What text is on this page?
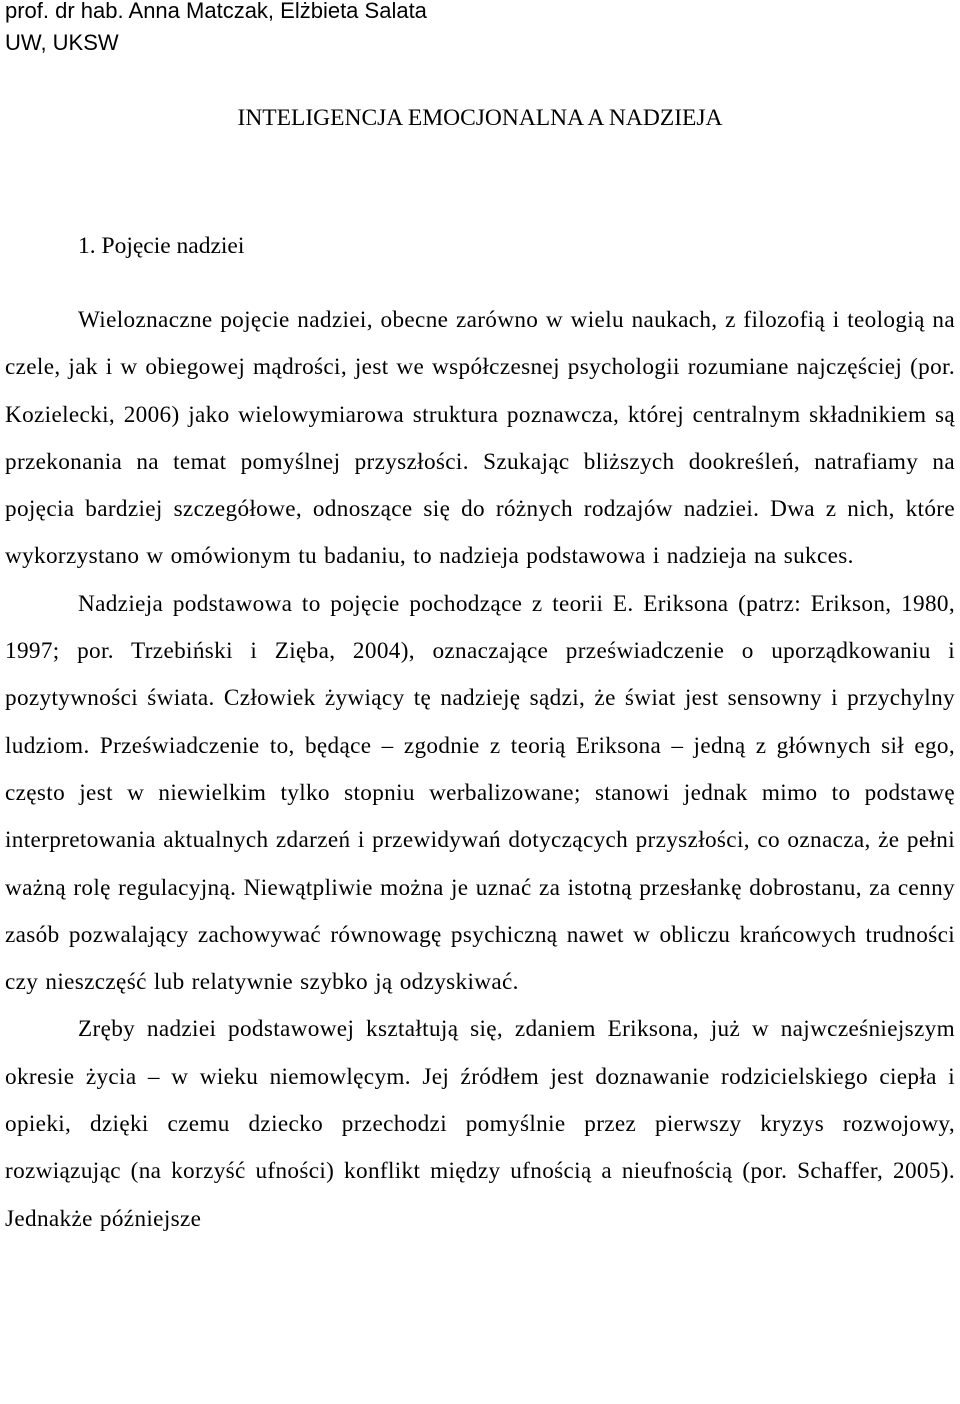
prof. dr hab. Anna Matczak, Elżbieta Salata
UW, UKSW
INTELIGENCJA EMOCJONALNA A NADZIEJA
1. Pojęcie nadziei

Wieloznaczne pojęcie nadziei, obecne zarówno w wielu naukach, z filozofią i teologią na czele, jak i w obiegowej mądrości, jest we współczesnej psychologii rozumiane najczęściej (por. Kozielecki, 2006) jako wielowymiarowa struktura poznawcza, której centralnym składnikiem są przekonania na temat pomyślnej przyszłości. Szukając bliższych dookreśleń, natrafiamy na pojęcia bardziej szczegółowe, odnoszące się do różnych rodzajów nadziei. Dwa z nich, które wykorzystano w omówionym tu badaniu, to nadzieja podstawowa i nadzieja na sukces.

Nadzieja podstawowa to pojęcie pochodzące z teorii E. Eriksona (patrz: Erikson, 1980, 1997; por. Trzebiński i Zięba, 2004), oznaczające przeświadczenie o uporządkowaniu i pozytywności świata. Człowiek żywiący tę nadzieję sądzi, że świat jest sensowny i przychylny ludziom. Przeświadczenie to, będące – zgodnie z teorią Eriksona – jedną z głównych sił ego, często jest w niewielkim tylko stopniu werbalizowane; stanowi jednak mimo to podstawę interpretowania aktualnych zdarzeń i przewidywań dotyczących przyszłości, co oznacza, że pełni ważną rolę regulacyjną. Niewątpliwie można je uznać za istotną przesłankę dobrostanu, za cenny zasób pozwalający zachowywać równowagę psychiczną nawet w obliczu krańcowych trudności czy nieszczęść lub relatywnie szybko ją odzyskiwać.

Zręby nadziei podstawowej kształtują się, zdaniem Eriksona, już w najwcześniejszym okresie życia – w wieku niemowlęcym. Jej źródłem jest doznawanie rodzicielskiego ciepła i opieki, dzięki czemu dziecko przechodzi pomyślnie przez pierwszy kryzys rozwojowy, rozwiązując (na korzyść ufności) konflikt między ufnością a nieufnością (por. Schaffer, 2005). Jednakże późniejsze
